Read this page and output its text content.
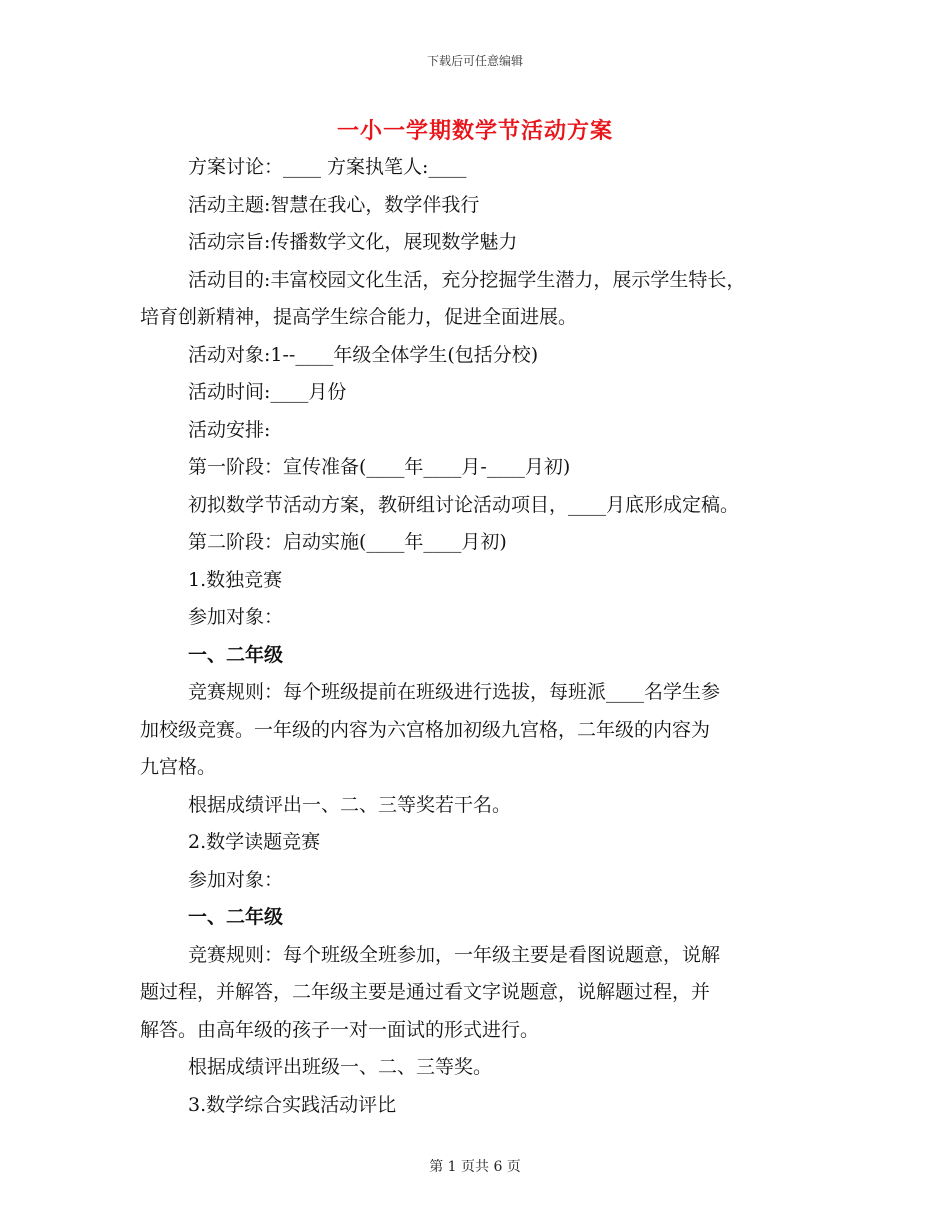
下载后可任意编辑
一小一学期数学节活动方案
方案讨论：____ 方案执笔人:____
活动主题:智慧在我心，数学伴我行
活动宗旨:传播数学文化，展现数学魅力
活动目的:丰富校园文化生活，充分挖掘学生潜力，展示学生特长，
培育创新精神，提高学生综合能力，促进全面进展。
活动对象:1--____年级全体学生(包括分校)
活动时间:____月份
活动安排:
第一阶段：宣传准备(____年____月-____月初)
初拟数学节活动方案，教研组讨论活动项目，____月底形成定稿。
第二阶段：启动实施(____年____月初)
1.数独竞赛
参加对象：
一、二年级
竞赛规则：每个班级提前在班级进行选拔，每班派____名学生参
加校级竞赛。一年级的内容为六宫格加初级九宫格，二年级的内容为
九宫格。
根据成绩评出一、二、三等奖若干名。
2.数学读题竞赛
参加对象：
一、二年级
竞赛规则：每个班级全班参加，一年级主要是看图说题意，说解
题过程，并解答，二年级主要是通过看文字说题意，说解题过程，并
解答。由高年级的孩子一对一面试的形式进行。
根据成绩评出班级一、二、三等奖。
3.数学综合实践活动评比
第 1 页共 6 页
